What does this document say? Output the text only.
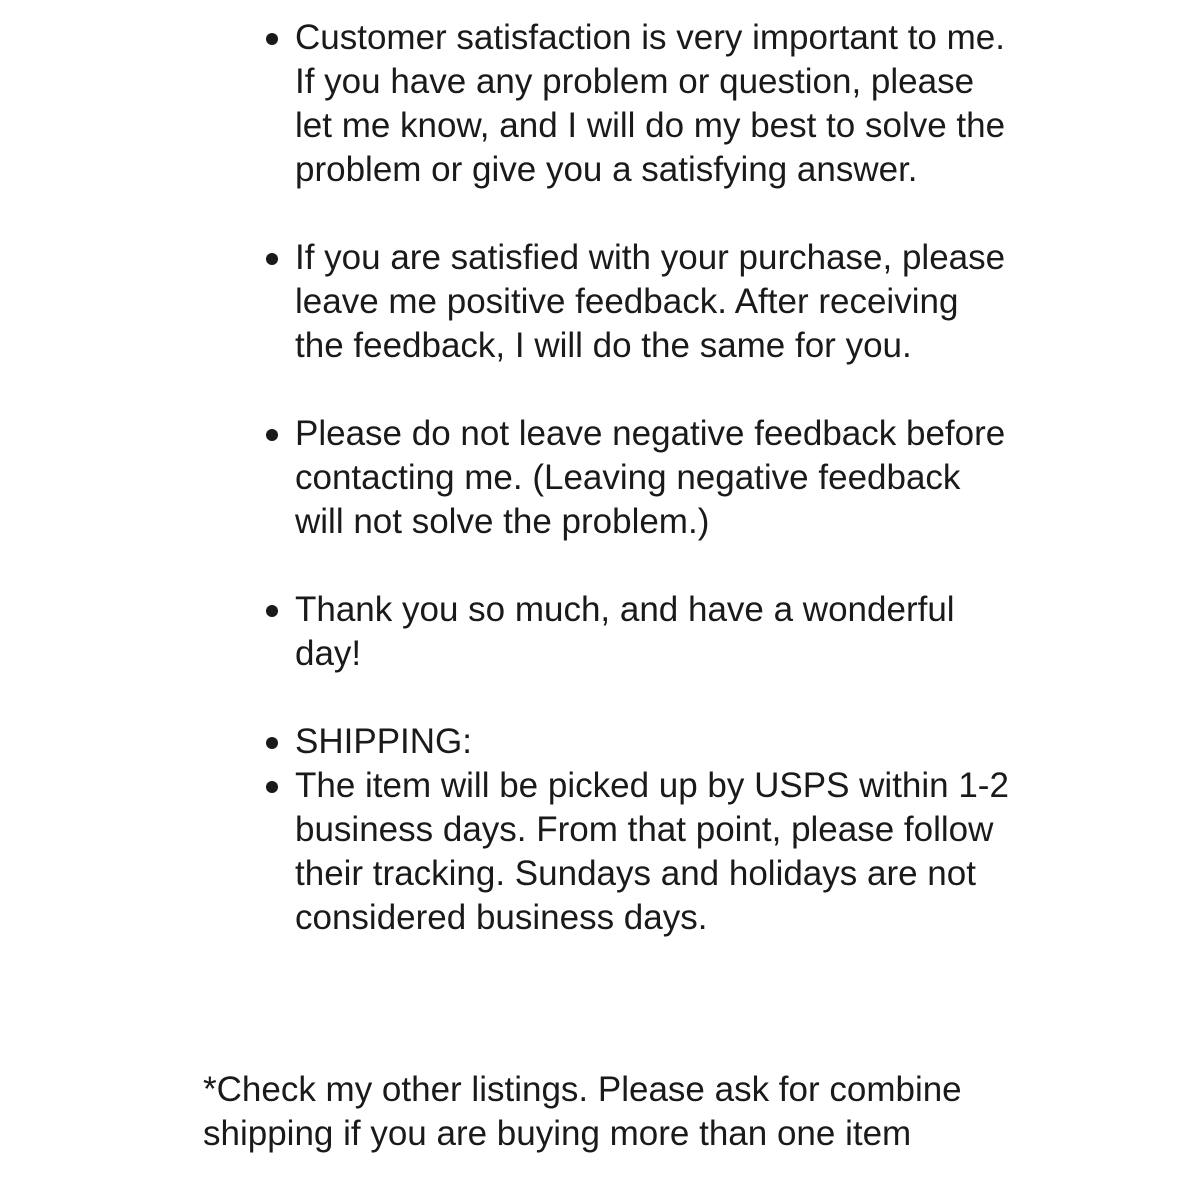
Customer satisfaction is very important to me. If you have any problem or question, please let me know, and I will do my best to solve the problem or give you a satisfying answer.
If you are satisfied with your purchase, please leave me positive feedback. After receiving the feedback, I will do the same for you.
Please do not leave negative feedback before contacting me. (Leaving negative feedback will not solve the problem.)
Thank you so much, and have a wonderful day!
SHIPPING:
The item will be picked up by USPS within 1-2 business days. From that point, please follow their tracking. Sundays and holidays are not considered business days.

*Check my other listings. Please ask for combine shipping if you are buying more than one item
